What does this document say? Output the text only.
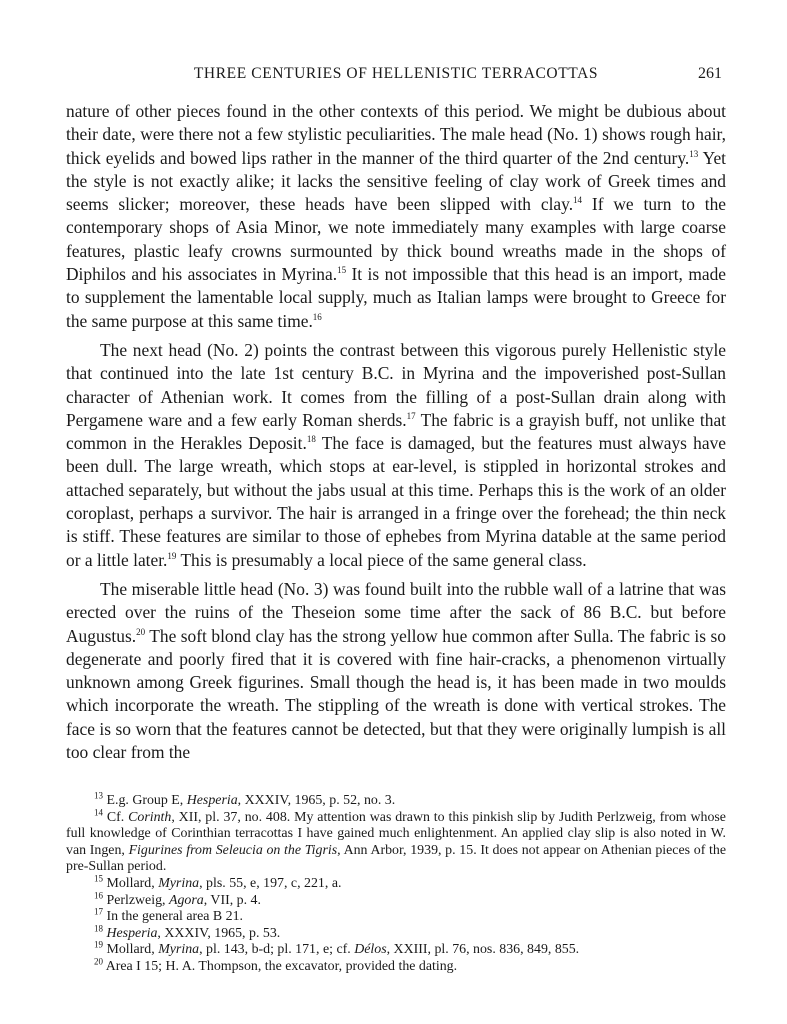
THREE CENTURIES OF HELLENISTIC TERRACOTTAS	261

nature of other pieces found in the other contexts of this period. We might be dubious about their date, were there not a few stylistic peculiarities. The male head (No. 1) shows rough hair, thick eyelids and bowed lips rather in the manner of the third quarter of the 2nd century.$^{13}$ Yet the style is not exactly alike; it lacks the sensitive feeling of clay work of Greek times and seems slicker; moreover, these heads have been slipped with clay.$^{14}$ If we turn to the contemporary shops of Asia Minor, we note immediately many examples with large coarse features, plastic leafy crowns surmounted by thick bound wreaths made in the shops of Diphilos and his associates in Myrina.$^{15}$ It is not impossible that this head is an import, made to supplement the lamentable local supply, much as Italian lamps were brought to Greece for the same purpose at this same time.$^{16}$

The next head (No. 2) points the contrast between this vigorous purely Hellenistic style that continued into the late 1st century B.C. in Myrina and the impoverished post-Sullan character of Athenian work. It comes from the filling of a post-Sullan drain along with Pergamene ware and a few early Roman sherds.$^{17}$ The fabric is a grayish buff, not unlike that common in the Herakles Deposit.$^{18}$ The face is damaged, but the features must always have been dull. The large wreath, which stops at ear-level, is stippled in horizontal strokes and attached separately, but without the jabs usual at this time. Perhaps this is the work of an older coroplast, perhaps a survivor. The hair is arranged in a fringe over the forehead; the thin neck is stiff. These features are similar to those of ephebes from Myrina datable at the same period or a little later.$^{19}$ This is presumably a local piece of the same general class.

The miserable little head (No. 3) was found built into the rubble wall of a latrine that was erected over the ruins of the Theseion some time after the sack of 86 B.C. but before Augustus.$^{20}$ The soft blond clay has the strong yellow hue common after Sulla. The fabric is so degenerate and poorly fired that it is covered with fine hair-cracks, a phenomenon virtually unknown among Greek figurines. Small though the head is, it has been made in two moulds which incorporate the wreath. The stippling of the wreath is done with vertical strokes. The face is so worn that the features cannot be detected, but that they were originally lumpish is all too clear from the

$^{13}$ E.g. Group E, Hesperia, XXXIV, 1965, p. 52, no. 3.

$^{14}$ Cf. Corinth, XII, pl. 37, no. 408. My attention was drawn to this pinkish slip by Judith Perlzweig, from whose full knowledge of Corinthian terracottas I have gained much enlightenment. An applied clay slip is also noted in W. van Ingen, Figurines from Seleucia on the Tigris, Ann Arbor, 1939, p. 15. It does not appear on Athenian pieces of the pre-Sullan period.

$^{15}$ Mollard, Myrina, pls. 55, e, 197, c, 221, a.

$^{16}$ Perlzweig, Agora, VII, p. 4.

$^{17}$ In the general area B 21.

$^{18}$ Hesperia, XXXIV, 1965, p. 53.

$^{19}$ Mollard, Myrina, pl. 143, b-d; pl. 171, e; cf. Délos, XXIII, pl. 76, nos. 836, 849, 855.

$^{20}$ Area I 15; H. A. Thompson, the excavator, provided the dating.
